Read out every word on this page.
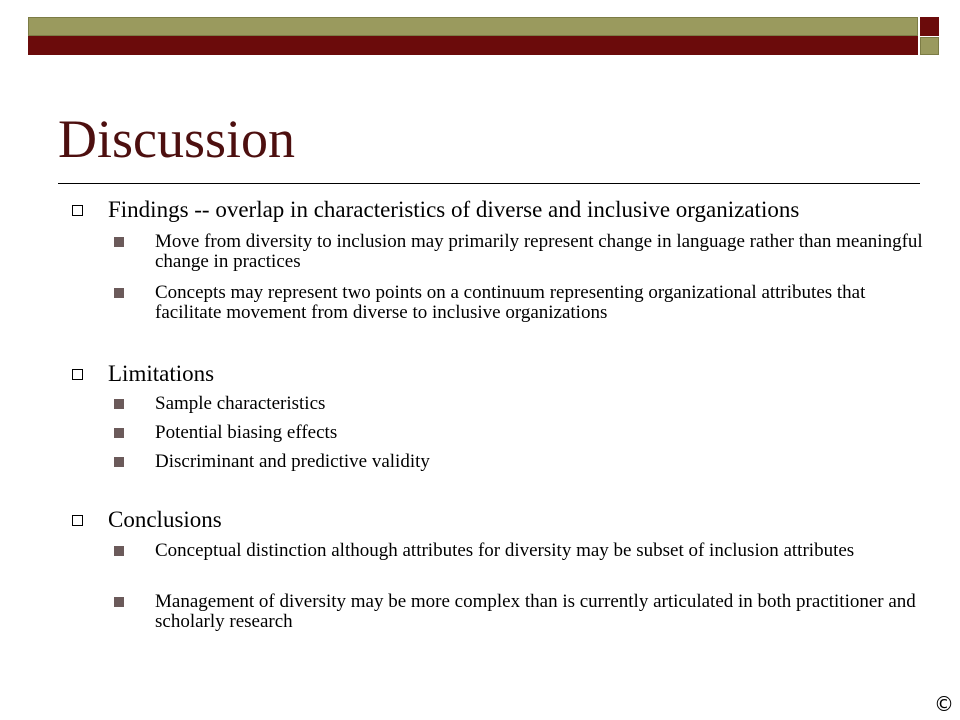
Discussion
Findings -- overlap in characteristics of diverse and inclusive organizations
Move from diversity to inclusion may primarily represent change in language rather than meaningful change in practices
Concepts may represent two points on a continuum representing organizational attributes that facilitate movement from diverse to inclusive organizations
Limitations
Sample characteristics
Potential biasing effects
Discriminant and predictive validity
Conclusions
Conceptual distinction although attributes for diversity may be subset of inclusion attributes
Management of diversity may be more complex than is currently articulated in both practitioner and scholarly research
©
